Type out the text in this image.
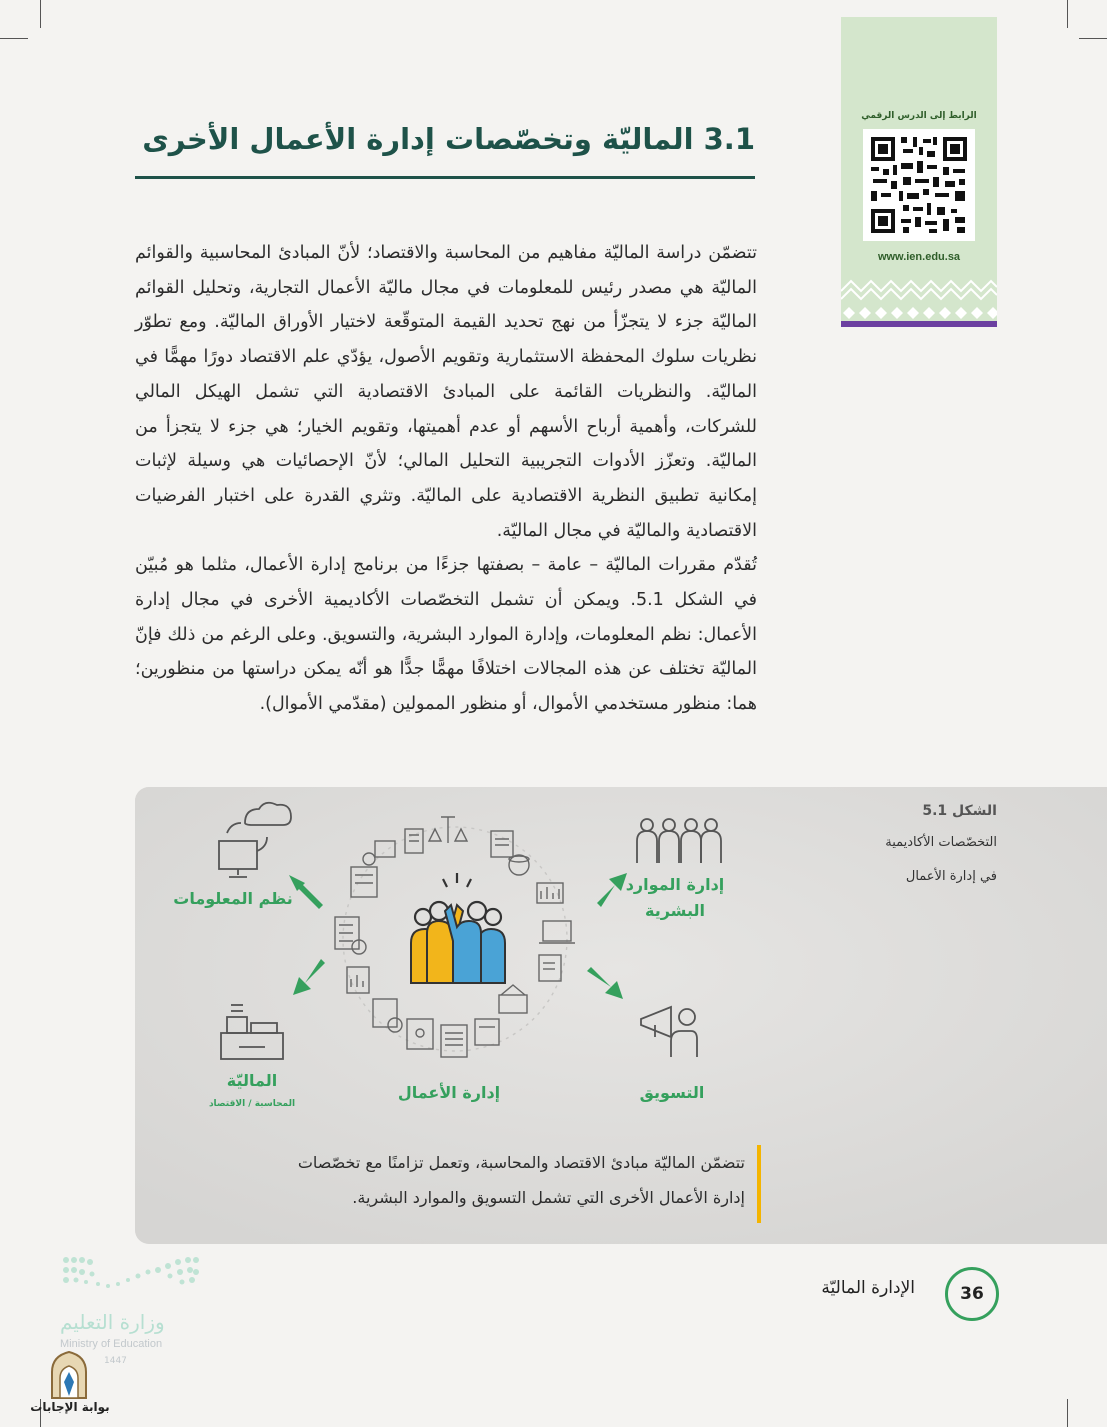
الرابط إلى الدرس الرقمي
www.ien.edu.sa
3.1 الماليّة وتخصّصات إدارة الأعمال الأخرى

تتضمّن دراسة الماليّة مفاهيم من المحاسبة والاقتصاد؛ لأنّ المبادئ المحاسبية والقوائم الماليّة هي مصدر رئيس للمعلومات في مجال ماليّة الأعمال التجارية، وتحليل القوائم الماليّة جزء لا يتجزّأ من نهج تحديد القيمة المتوقّعة لاختيار الأوراق الماليّة. ومع تطوّر نظريات سلوك المحفظة الاستثمارية وتقويم الأصول، يؤدّي علم الاقتصاد دورًا مهمًّا في الماليّة. والنظريات القائمة على المبادئ الاقتصادية التي تشمل الهيكل المالي للشركات، وأهمية أرباح الأسهم أو عدم أهميتها، وتقويم الخيار؛ هي جزء لا يتجزأ من الماليّة. وتعزّز الأدوات التجريبية التحليل المالي؛ لأنّ الإحصائيات هي وسيلة لإثبات إمكانية تطبيق النظرية الاقتصادية على الماليّة. وتثري القدرة على اختبار الفرضيات الاقتصادية والماليّة في مجال الماليّة.

تُقدّم مقررات الماليّة – عامة – بصفتها جزءًا من برنامج إدارة الأعمال، مثلما هو مُبيّن في الشكل 5.1. ويمكن أن تشمل التخصّصات الأكاديمية الأخرى في مجال إدارة الأعمال: نظم المعلومات، وإدارة الموارد البشرية، والتسويق. وعلى الرغم من ذلك فإنّ الماليّة تختلف عن هذه المجالات اختلافًا مهمًّا جدًّا هو أنّه يمكن دراستها من منظورين؛ هما: منظور مستخدمي الأموال، أو منظور الممولين (مقدّمي الأموال).

الشكل 5.1
التخصّصات الأكاديمية
في إدارة الأعمال
نظم المعلومات
إدارة الموارد
البشرية
الماليّة
المحاسبة / الاقتصاد
إدارة الأعمال	التسويق
تتضمّن الماليّة مبادئ الاقتصاد والمحاسبة، وتعمل تزامنًا مع تخصّصات
إدارة الأعمال الأخرى التي تشمل التسويق والموارد البشرية.
36
الإدارة الماليّة
وزارة التعليم
Ministry of Education
1447
بوابة الإجابات
